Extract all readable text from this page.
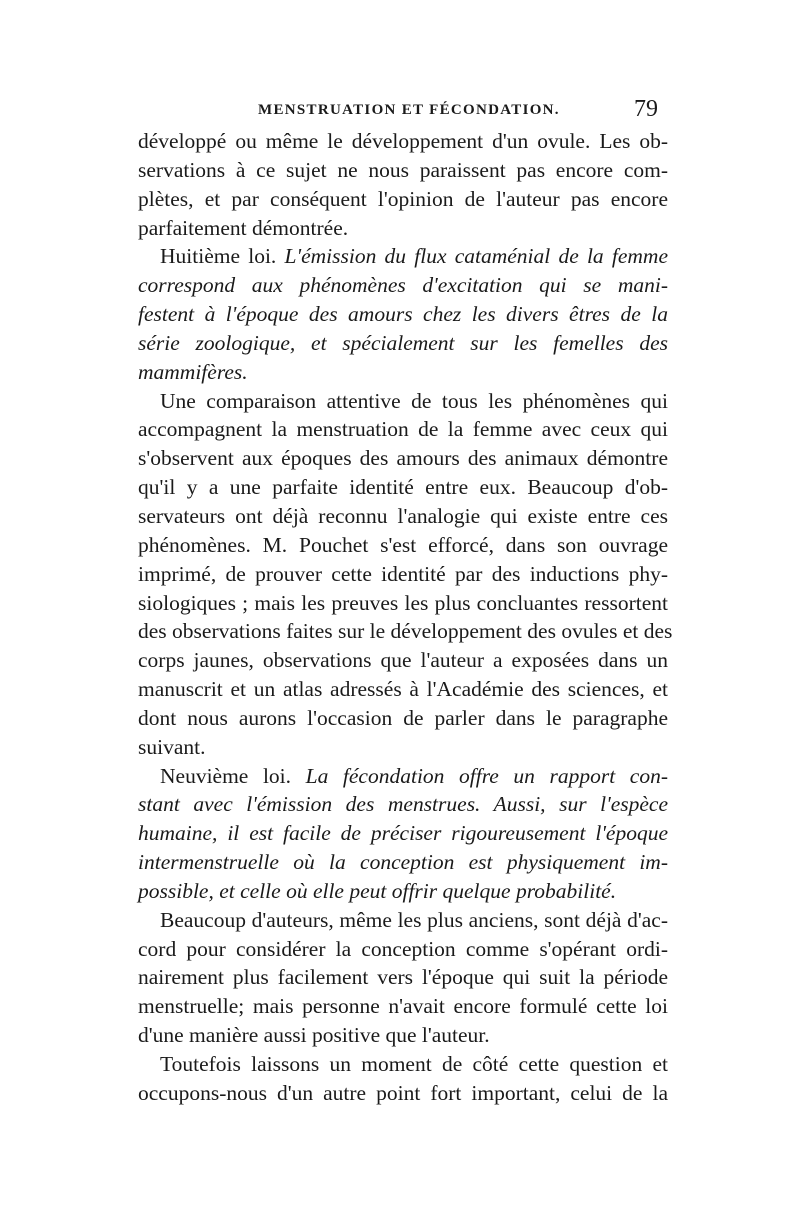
MENSTRUATION ET FÉCONDATION.	79
développé ou même le développement d'un ovule. Les ob-
servations à ce sujet ne nous paraissent pas encore com-
plètes, et par conséquent l'opinion de l'auteur pas encore
parfaitement démontrée.
Huitième loi. L'émission du flux cataménial de la femme
correspond aux phénomènes d'excitation qui se mani-
festent à l'époque des amours chez les divers êtres de la
série zoologique, et spécialement sur les femelles des
mammifères.
Une comparaison attentive de tous les phénomènes qui
accompagnent la menstruation de la femme avec ceux qui
s'observent aux époques des amours des animaux démontre
qu'il y a une parfaite identité entre eux. Beaucoup d'ob-
servateurs ont déjà reconnu l'analogie qui existe entre ces
phénomènes. M. Pouchet s'est efforcé, dans son ouvrage
imprimé, de prouver cette identité par des inductions phy-
siologiques ; mais les preuves les plus concluantes ressortent
des observations faites sur le développement des ovules et des
corps jaunes, observations que l'auteur a exposées dans un
manuscrit et un atlas adressés à l'Académie des sciences, et
dont nous aurons l'occasion de parler dans le paragraphe
suivant.
Neuvième loi. La fécondation offre un rapport con-
stant avec l'émission des menstrues. Aussi, sur l'espèce
humaine, il est facile de préciser rigoureusement l'époque
intermenstruelle où la conception est physiquement im-
possible, et celle où elle peut offrir quelque probabilité.
Beaucoup d'auteurs, même les plus anciens, sont déjà d'ac-
cord pour considérer la conception comme s'opérant ordi-
nairement plus facilement vers l'époque qui suit la période
menstruelle; mais personne n'avait encore formulé cette loi
d'une manière aussi positive que l'auteur.
Toutefois laissons un moment de côté cette question et
occupons-nous d'un autre point fort important, celui de la
